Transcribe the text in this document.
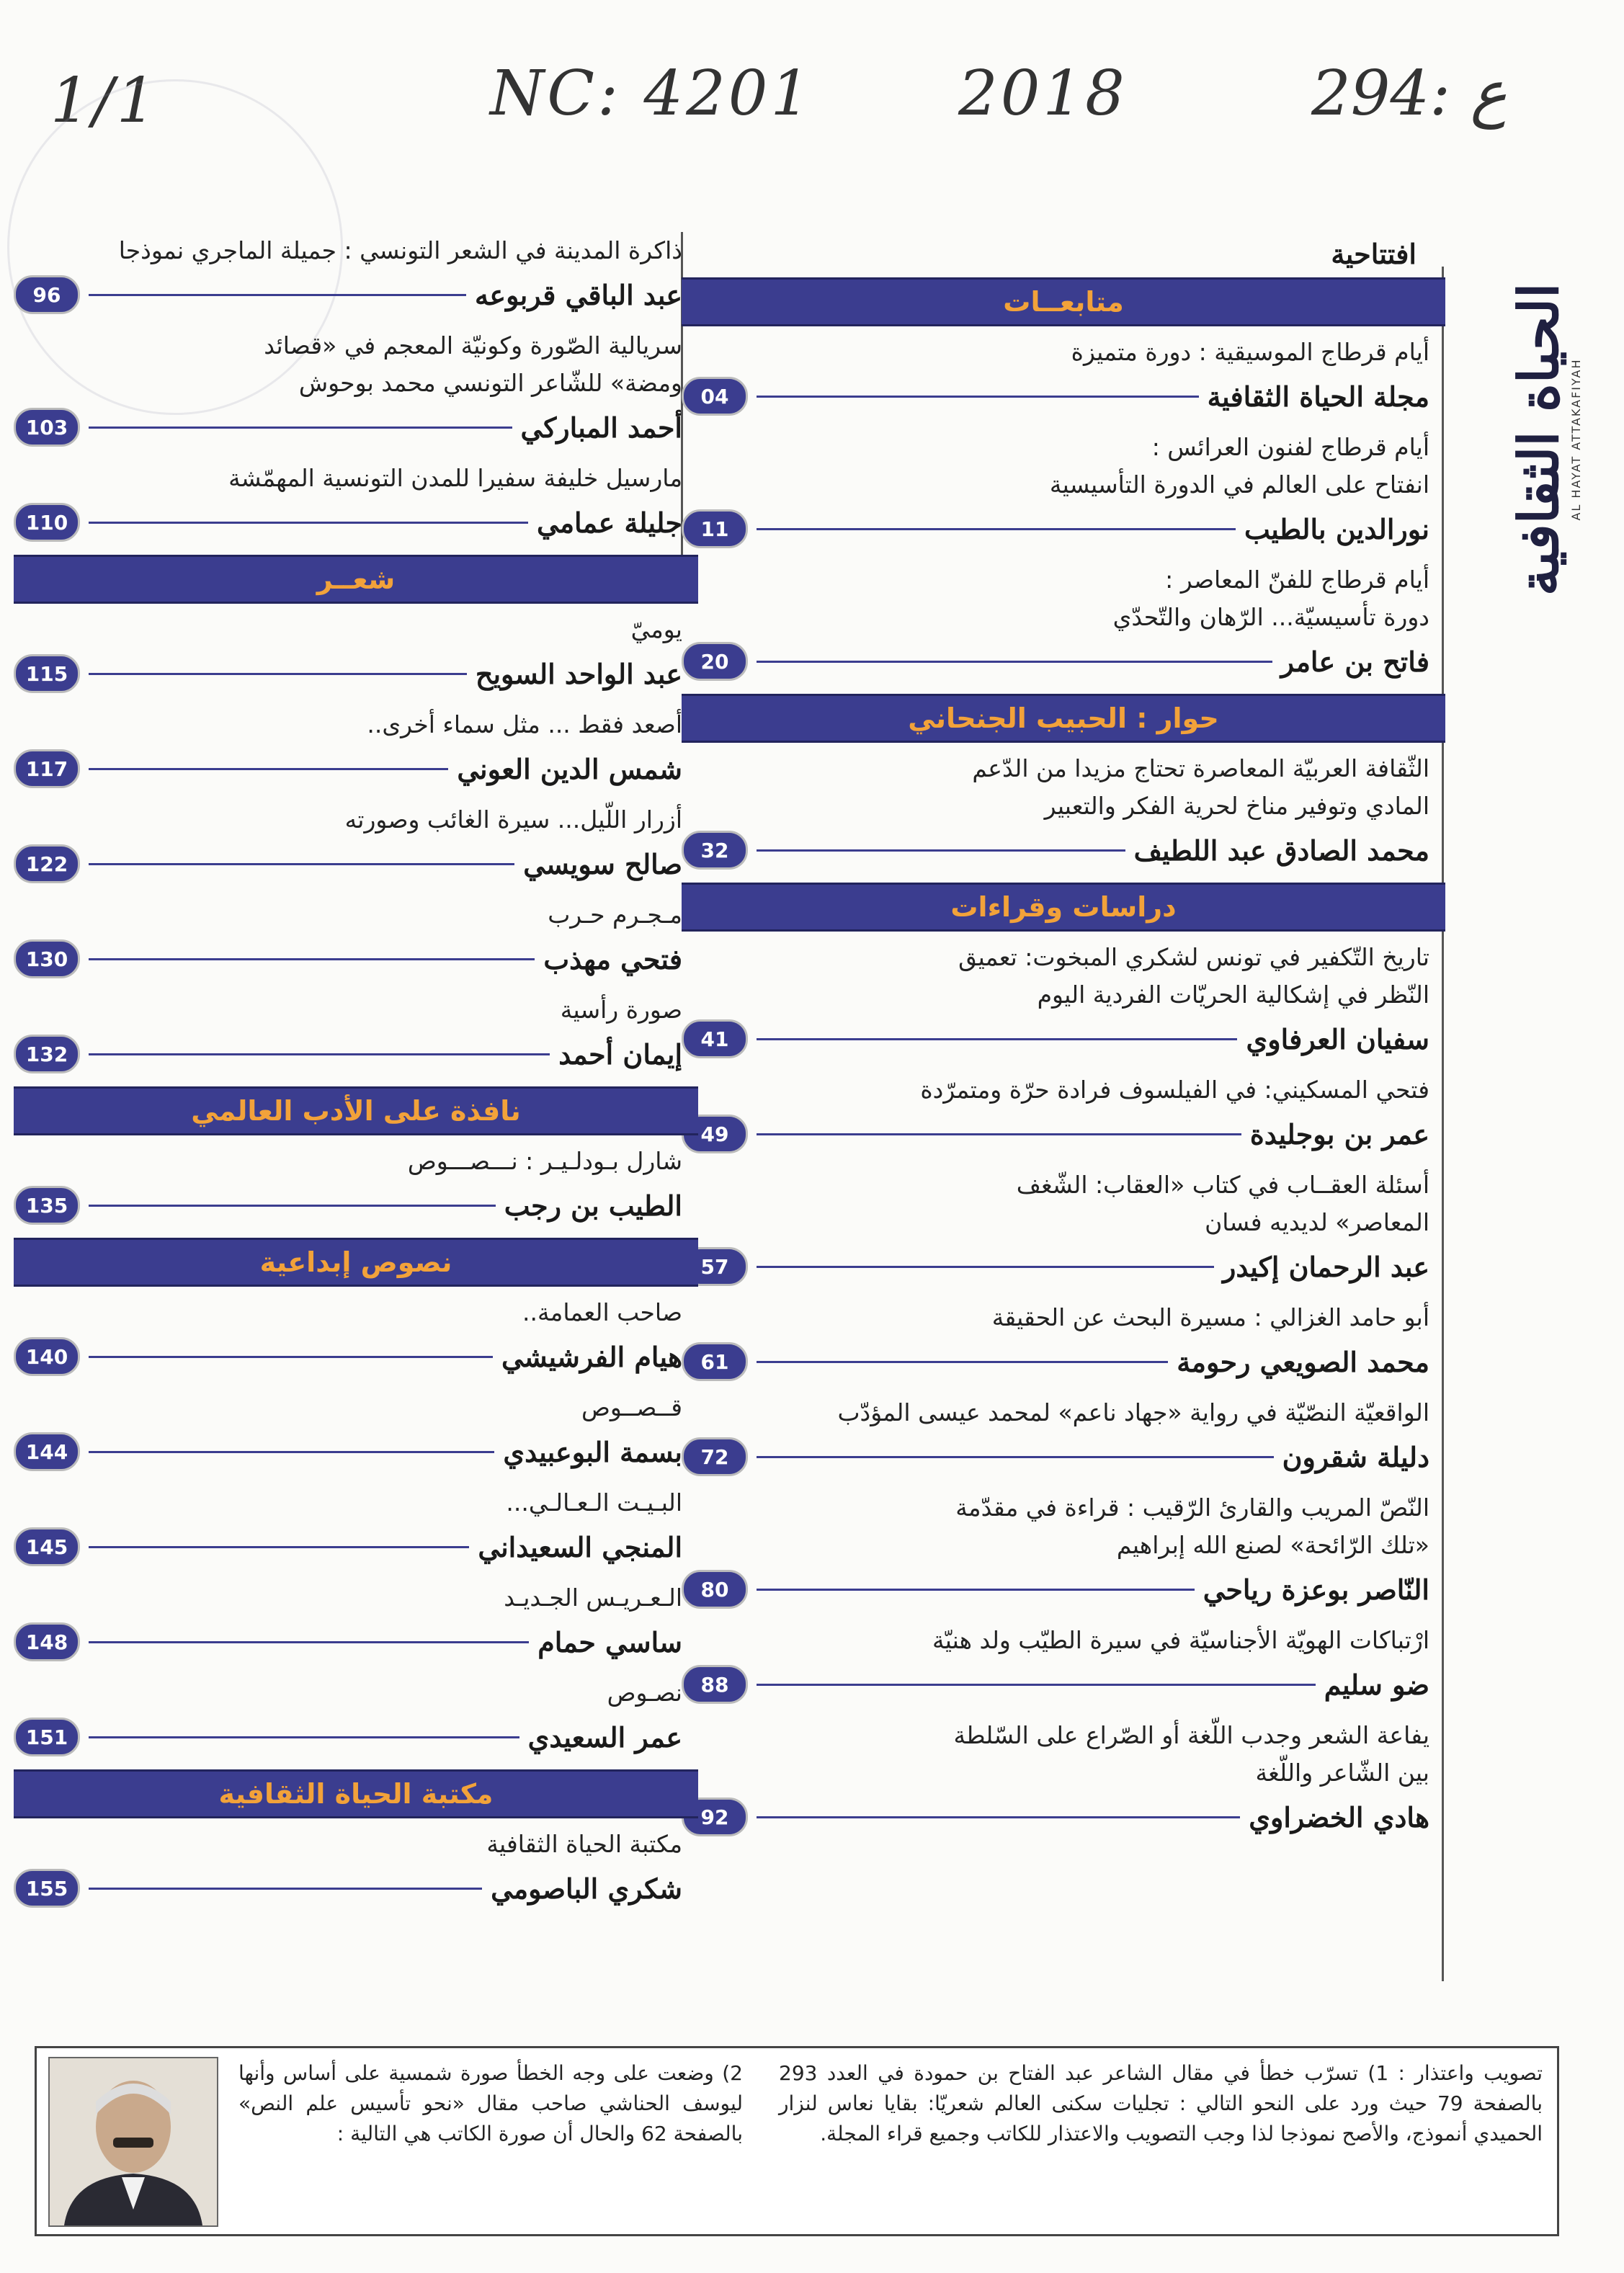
1/1	NC: 4201 2018	294: ع
الحياة الثقافية
AL HAYAT ATTAKAFIYAH
افتتاحية
متابعــات
أيام قرطاج الموسيقية : دورة متميزة
مجلة الحياة الثقافية
04
أيام قرطاج لفنون العرائس :
انفتاح على العالم في الدورة التأسيسية
نورالدين بالطيب
11
أيام قرطاج للفنّ المعاصر :
دورة تأسيسيّة... الرّهان والتّحدّي
فاتح بن عامر
20
حوار : الحبيب الجنحاني
الثّقافة العربيّة المعاصرة تحتاج مزيدا من الدّعم
المادي وتوفير مناخ لحرية الفكر والتعبير
محمد الصادق عبد اللطيف
32
دراسات وقراءات
تاريخ التّكفير في تونس لشكري المبخوت: تعميق
النّظر في إشكالية الحريّات الفردية اليوم
سفيان العرفاوي
41
فتحي المسكيني: في الفيلسوف فرادة حرّة ومتمرّدة
عمر بن بوجليدة
49
أسئلة العقــاب في كتاب «العقاب: الشّغف
المعاصر» لديديه فسان
عبد الرحمان إكيدر
57
أبو حامد الغزالي : مسيرة البحث عن الحقيقة
محمد الصويعي رحومة
61
الواقعيّة النصّيّة في رواية «جهاد ناعم» لمحمد عيسى المؤدّب
دليلة شقرون
72
النّصّ المريب والقارئ الرّقيب : قراءة في مقدّمة
«تلك الرّائحة» لصنع الله إبراهيم
النّاصر بوعزة رياحي
80
ارْتباكات الهويّة الأجناسيّة في سيرة الطيّب ولد هنيّة
ضو سليم
88
يفاعة الشعر وجدب اللّغة أو الصّراع على السّلطة
بين الشّاعر واللّغة
هادي الخضراوي
92
ذاكرة المدينة في الشعر التونسي : جميلة الماجري نموذجا
عبد الباقي قربوعه
96
سريالية الصّورة وكونيّة المعجم في «قصائد
ومضة» للشّاعر التونسي محمد بوحوش
أحمد المباركي
103
مارسيل خليفة سفيرا للمدن التونسية المهمّشة
جليلة عمامي
110
شعــر
يوميّ
عبد الواحد السويح
115
أصعد فقط ... مثل سماء أخرى..
شمس الدين العوني
117
أزرار اللّيل... سيرة الغائب وصورته
صالح سويسي
122
مـجـرم حـرب
فتحي مهذب
130
صورة رأسية
إيمان أحمد
132
نافذة على الأدب العالمي
شارل بـودلـيـر : نـــصـــوص
الطيب بن رجب
135
نصوص إبداعية
صاحب العمامة..
هيام الفرشيشي
140
قــصــوص
بسمة البوعبيدي
144
البـيـت الـعـالـي...
المنجي السعيداني
145
الـعـريـس الجـديـد
ساسي حمام
148
نصـوص
عمر السعيدي
151
مكتبة الحياة الثقافية
مكتبة الحياة الثقافية
شكري الباصومي
155
تصويب واعتذار : 1) تسرّب خطأ في مقال الشاعر عبد الفتاح بن حمودة في العدد 293 بالصفحة 79 حيث ورد على النحو التالي : تجليات سكنى العالم شعريّا: بقايا نعاس لنزار الحميدي أنموذج، والأصح نموذجا لذا وجب التصويب والاعتذار للكاتب وجميع قراء المجلة.
2) وضعت على وجه الخطأ صورة شمسية على أساس وأنها ليوسف الحناشي صاحب مقال «نحو تأسيس علم النص» بالصفحة 62 والحال أن صورة الكاتب هي التالية :
